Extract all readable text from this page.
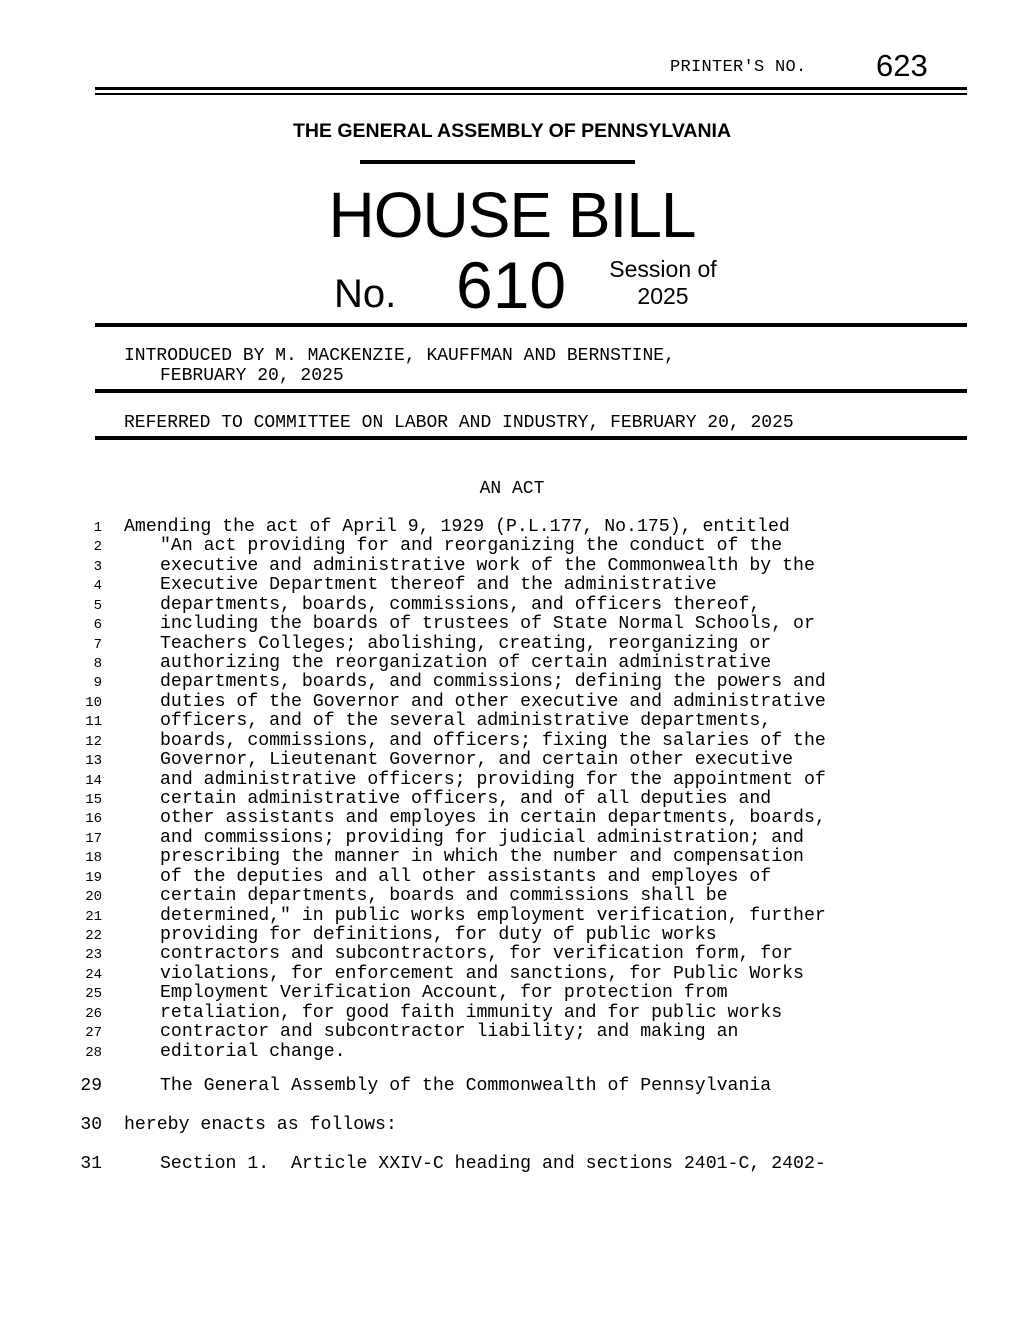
PRINTER'S NO. 623
THE GENERAL ASSEMBLY OF PENNSYLVANIA
HOUSE BILL
No. 610 Session of
2025
INTRODUCED BY M. MACKENZIE, KAUFFMAN AND BERNSTINE,
FEBRUARY 20, 2025
REFERRED TO COMMITTEE ON LABOR AND INDUSTRY, FEBRUARY 20, 2025
AN ACT
1 Amending the act of April 9, 1929 (P.L.177, No.175), entitled
2	"An act providing for and reorganizing the conduct of the
3	executive and administrative work of the Commonwealth by the
4	Executive Department thereof and the administrative
5	departments, boards, commissions, and officers thereof,
6	including the boards of trustees of State Normal Schools, or
7	Teachers Colleges; abolishing, creating, reorganizing or
8	authorizing the reorganization of certain administrative
9	departments, boards, and commissions; defining the powers and
10	duties of the Governor and other executive and administrative
11	officers, and of the several administrative departments,
12	boards, commissions, and officers; fixing the salaries of the
13	Governor, Lieutenant Governor, and certain other executive
14	and administrative officers; providing for the appointment of
15	certain administrative officers, and of all deputies and
16	other assistants and employes in certain departments, boards,
17	and commissions; providing for judicial administration; and
18	prescribing the manner in which the number and compensation
19	of the deputies and all other assistants and employes of
20	certain departments, boards and commissions shall be
21	determined," in public works employment verification, further
22	providing for definitions, for duty of public works
23	contractors and subcontractors, for verification form, for
24	violations, for enforcement and sanctions, for Public Works
25	Employment Verification Account, for protection from
26	retaliation, for good faith immunity and for public works
27	contractor and subcontractor liability; and making an
28	editorial change.
29	The General Assembly of the Commonwealth of Pennsylvania
30 hereby enacts as follows:
31	Section 1.  Article XXIV-C heading and sections 2401-C, 2402-
